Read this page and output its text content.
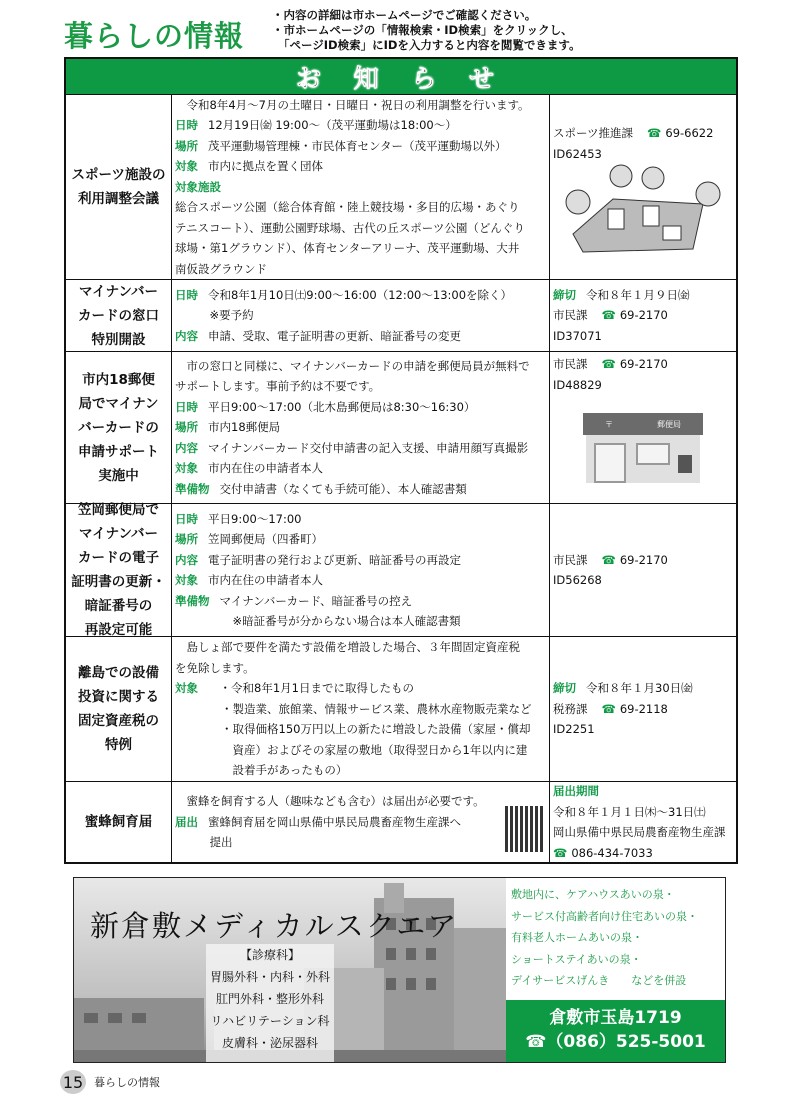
暮らしの情報
・内容の詳細は市ホームページでご確認ください。
・市ホームページの「情報検索・ID検索」をクリックし、
「ページID検索」にIDを入力すると内容を閲覧できます。
お 知 ら せ
スポーツ施設の
利用調整会議
　令和8年4月～7月の土曜日・日曜日・祝日の利用調整を行います。
日時 12月19日㈮ 19:00～（茂平運動場は18:00～）
場所 茂平運動場管理棟・市民体育センター（茂平運動場以外）
対象 市内に拠点を置く団体
対象施設
総合スポーツ公園（総合体育館・陸上競技場・多目的広場・あぐり
テニスコート）、運動公園野球場、古代の丘スポーツ公園（どんぐり
球場・第1グラウンド）、体育センターアリーナ、茂平運動場、大井
南仮設グラウンド
スポーツ推進課 ☎ 69-6622
ID62453
マイナンバー
カードの窓口
特別開設
日時 令和8年1月10日㈯9:00～16:00（12:00～13:00を除く）
　　　※要予約
内容 申請、受取、電子証明書の更新、暗証番号の変更
締切 令和８年１月９日㈮
市民課 ☎ 69-2170
ID37071
市内18郵便
局でマイナン
バーカードの
申請サポート
実施中
　市の窓口と同様に、マイナンバーカードの申請を郵便局員が無料で
サポートします。事前予約は不要です。
日時 平日9:00～17:00（北木島郵便局は8:30～16:30）
場所 市内18郵便局
内容 マイナンバーカード交付申請書の記入支援、申請用顔写真撮影
対象 市内在住の申請者本人
準備物 交付申請書（なくても手続可能）、本人確認書類
市民課 ☎ 69-2170
ID48829
〒	郵便局
笠岡郵便局で
マイナンバー
カードの電子
証明書の更新・
暗証番号の
再設定可能
日時 平日9:00～17:00
場所 笠岡郵便局（四番町）
内容 電子証明書の発行および更新、暗証番号の再設定
対象 市内在住の申請者本人
準備物 マイナンバーカード、暗証番号の控え
　　　　　※暗証番号が分からない場合は本人確認書類
市民課 ☎ 69-2170
ID56268
離島での設備
投資に関する
固定資産税の
特例
　島しょ部で要件を満たす設備を増設した場合、３年間固定資産税
を免除します。
対象　・令和8年1月1日までに取得したもの
　　　　・製造業、旅館業、情報サービス業、農林水産物販売業など
　　　　・取得価格150万円以上の新たに増設した設備（家屋・償却
　　　　　資産）およびその家屋の敷地（取得翌日から1年以内に建
　　　　　設着手があったもの）
締切 令和８年１月30日㈮
税務課 ☎ 69-2118
ID2251
蜜蜂飼育届
　蜜蜂を飼育する人（趣味なども含む）は届出が必要です。
届出 蜜蜂飼育届を岡山県備中県民局農畜産物生産課へ
　　　提出
届出期間
令和８年１月１日㈭～31日㈯
岡山県備中県民局農畜産物生産課
☎ 086-434-7033
新倉敷メディカルスクエア
【診療科】
胃腸外科・内科・外科
肛門外科・整形外科
リハビリテーション科
皮膚科・泌尿器科
敷地内に、ケアハウスあいの泉・
サービス付高齢者向け住宅あいの泉・
有料老人ホームあいの泉・
ショートステイあいの泉・
デイサービスげんき　　などを併設
倉敷市玉島1719
☎（086）525-5001
15 暮らしの情報
